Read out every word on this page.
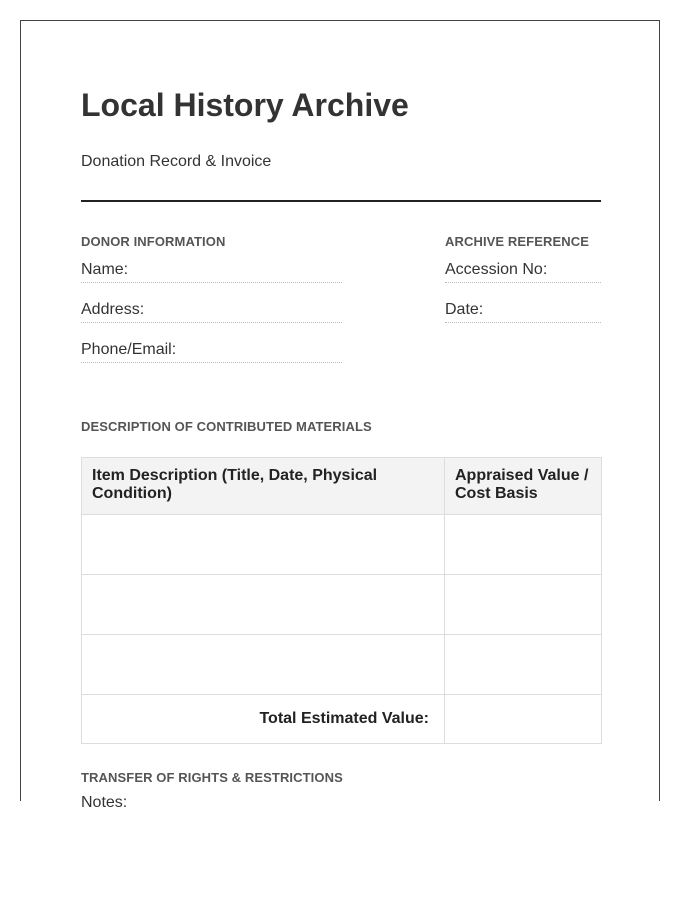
Local History Archive
Donation Record & Invoice
DONOR INFORMATION
Name:
Address:
Phone/Email:
ARCHIVE REFERENCE
Accession No:
Date:
DESCRIPTION OF CONTRIBUTED MATERIALS
Item Description (Title, Date, Physical Condition)	Appraised Value / Cost Basis

Total Estimated Value:	
TRANSFER OF RIGHTS & RESTRICTIONS
Notes:
